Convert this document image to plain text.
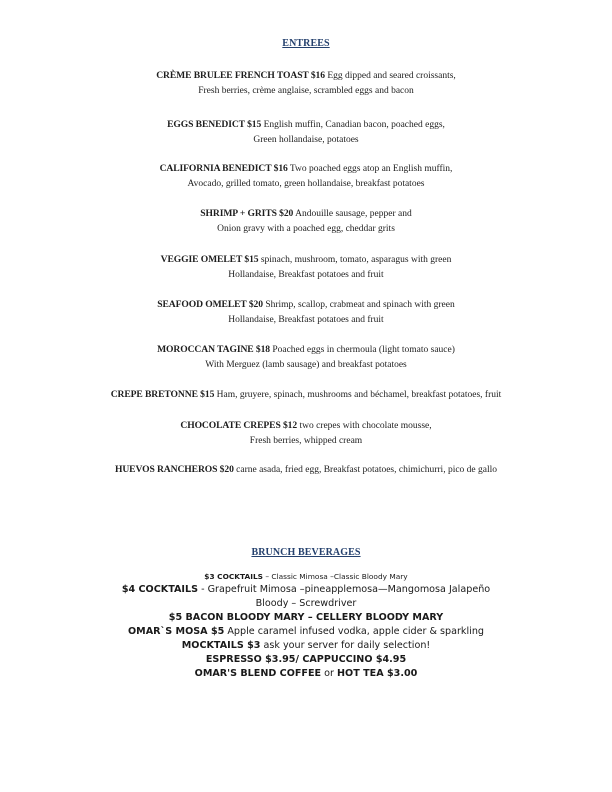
ENTREES
CRÈME BRULEE FRENCH TOAST $16 Egg dipped and seared croissants,
Fresh berries, crème anglaise, scrambled eggs and bacon
EGGS BENEDICT $15 English muffin, Canadian bacon, poached eggs,
Green hollandaise, potatoes
CALIFORNIA BENEDICT $16 Two poached eggs atop an English muffin,
Avocado, grilled tomato, green hollandaise, breakfast potatoes
SHRIMP + GRITS $20 Andouille sausage, pepper and
Onion gravy with a poached egg, cheddar grits
VEGGIE OMELET $15 spinach, mushroom, tomato, asparagus with green
Hollandaise, Breakfast potatoes and fruit
SEAFOOD OMELET $20 Shrimp, scallop, crabmeat and spinach with green
Hollandaise, Breakfast potatoes and fruit
MOROCCAN TAGINE $18 Poached eggs in chermoula (light tomato sauce)
With Merguez (lamb sausage) and breakfast potatoes
CREPE BRETONNE $15 Ham, gruyere, spinach, mushrooms and béchamel, breakfast potatoes, fruit
CHOCOLATE CREPES $12 two crepes with chocolate mousse,
Fresh berries, whipped cream
HUEVOS RANCHEROS $20 carne asada, fried egg, Breakfast potatoes, chimichurri, pico de gallo
BRUNCH BEVERAGES
$3 COCKTAILS – Classic Mimosa –Classic Bloody Mary
$4 COCKTAILS - Grapefruit Mimosa –pineapplemosa—Mangomosa Jalapeño
Bloody – Screwdriver
$5 BACON BLOODY MARY – CELLERY BLOODY MARY
OMAR`S MOSA $5 Apple caramel infused vodka, apple cider & sparkling
MOCKTAILS $3 ask your server for daily selection!
ESPRESSO $3.95/ CAPPUCCINO $4.95
OMAR'S BLEND COFFEE or HOT TEA $3.00
